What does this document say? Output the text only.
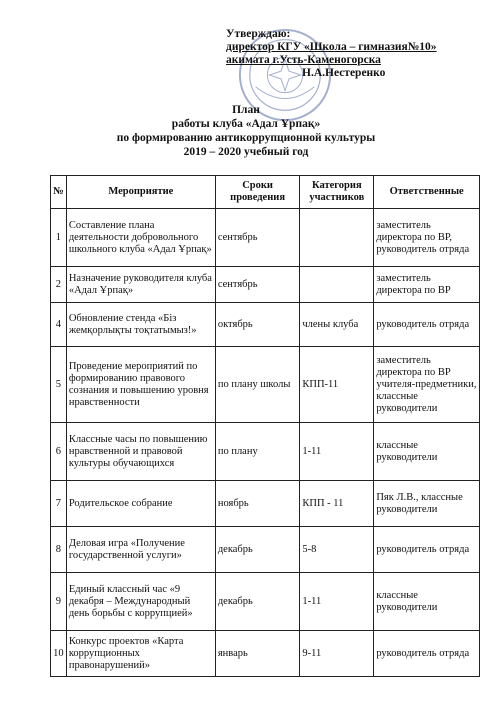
Утверждаю:
директор КГУ «Школа – гимназия№10»
акимата г.Усть-Каменогорска
Н.А.Нестеренко
План
работы клуба «Адал Ұрпақ»
по формированию антикоррупционной культуры
2019 – 2020 учебный год
№	Мероприятие	Сроки проведения	Категория участников	Ответственные
1	Составление плана деятельности добровольного школьного клуба «Адал Ұрпақ»	сентябрь		заместитель директора по ВР, руководитель отряда
2	Назначение руководителя клуба «Адал Ұрпақ»	сентябрь		заместитель директора по ВР
4	Обновление стенда «Біз жемқорлықты тоқтатымыз!»	октябрь	члены клуба	руководитель отряда
5	Проведение мероприятий по формированию правового сознания и повышению уровня нравственности	по плану школы	КПП-11	заместитель директора по ВР учителя-предметники, классные руководители
6	Классные часы по повышению нравственной и правовой культуры обучающихся	по плану	1-11	классные руководители
7	Родительское собрание	ноябрь	КПП - 11	Пяк Л.В., классные руководители
8	Деловая игра «Получение государственной услуги»	декабрь	5-8	руководитель отряда
9	Единый классный час «9 декабря – Международный день борьбы с коррупцией»	декабрь	1-11	классные руководители
10	Конкурс проектов «Карта коррупционных правонарушений»	январь	9-11	руководитель отряда
